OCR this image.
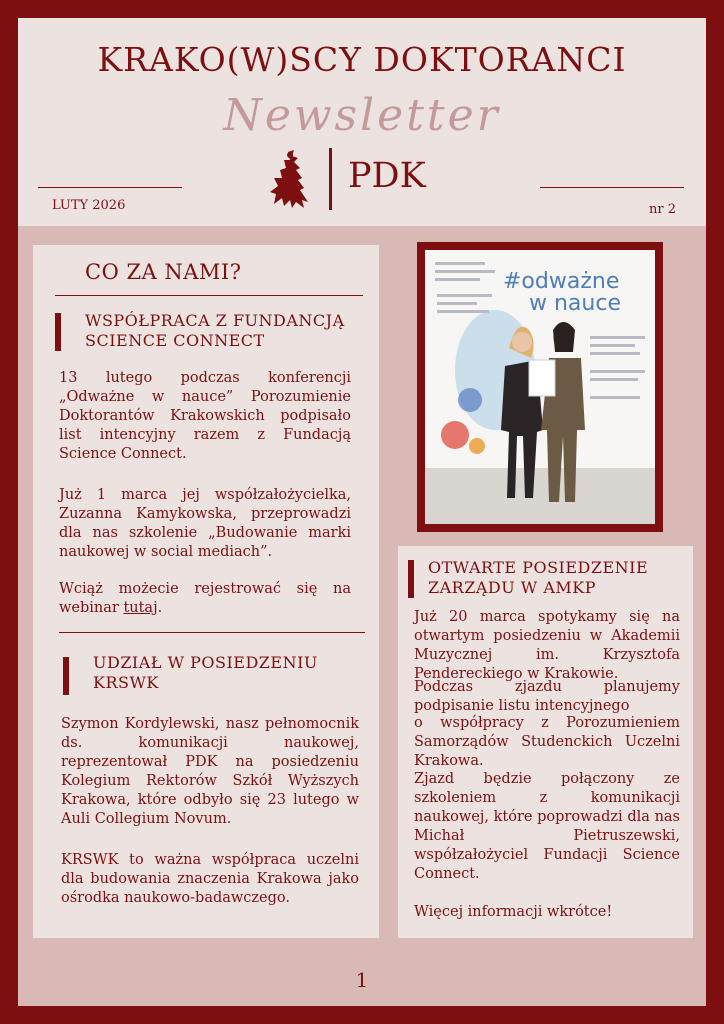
KRAKO(W)SCY DOKTORANCI
Newsletter
PDK
LUTY 2026	nr 2
CO ZA NAMI?
WSPÓŁPRACA Z FUNDANCJĄ
SCIENCE CONNECT
13 lutego podczas konferencji „Odważne w nauce” Porozumienie Doktorantów Krakowskich podpisało list intencyjny razem z Fundacją Science Connect.
Już 1 marca jej współzałożycielka, Zuzanna Kamykowska, przeprowadzi dla nas szkolenie „Budowanie marki naukowej w social mediach”.
Wciąż możecie rejestrować się na webinar tutaj.
UDZIAŁ W POSIEDZENIU
KRSWK
Szymon Kordylewski, nasz pełnomocnik ds. komunikacji naukowej, reprezentował PDK na posiedzeniu Kolegium Rektorów Szkół Wyższych Krakowa, które odbyło się 23 lutego w Auli Collegium Novum.
KRSWK to ważna współpraca uczelni dla budowania znaczenia Krakowa jako ośrodka naukowo-badawczego.
#odważne
w nauce
OTWARTE POSIEDZENIE
ZARZĄDU W AMKP
Już 20 marca spotykamy się na otwartym posiedzeniu w Akademii Muzycznej im. Krzysztofa Pendereckiego w Krakowie.
Podczas zjazdu planujemy podpisanie listu intencyjnego
o współpracy z Porozumieniem Samorządów Studenckich Uczelni Krakowa.
Zjazd będzie połączony ze szkoleniem z komunikacji naukowej, które poprowadzi dla nas Michał Pietruszewski, współzałożyciel Fundacji Science Connect.
Więcej informacji wkrótce!
1
